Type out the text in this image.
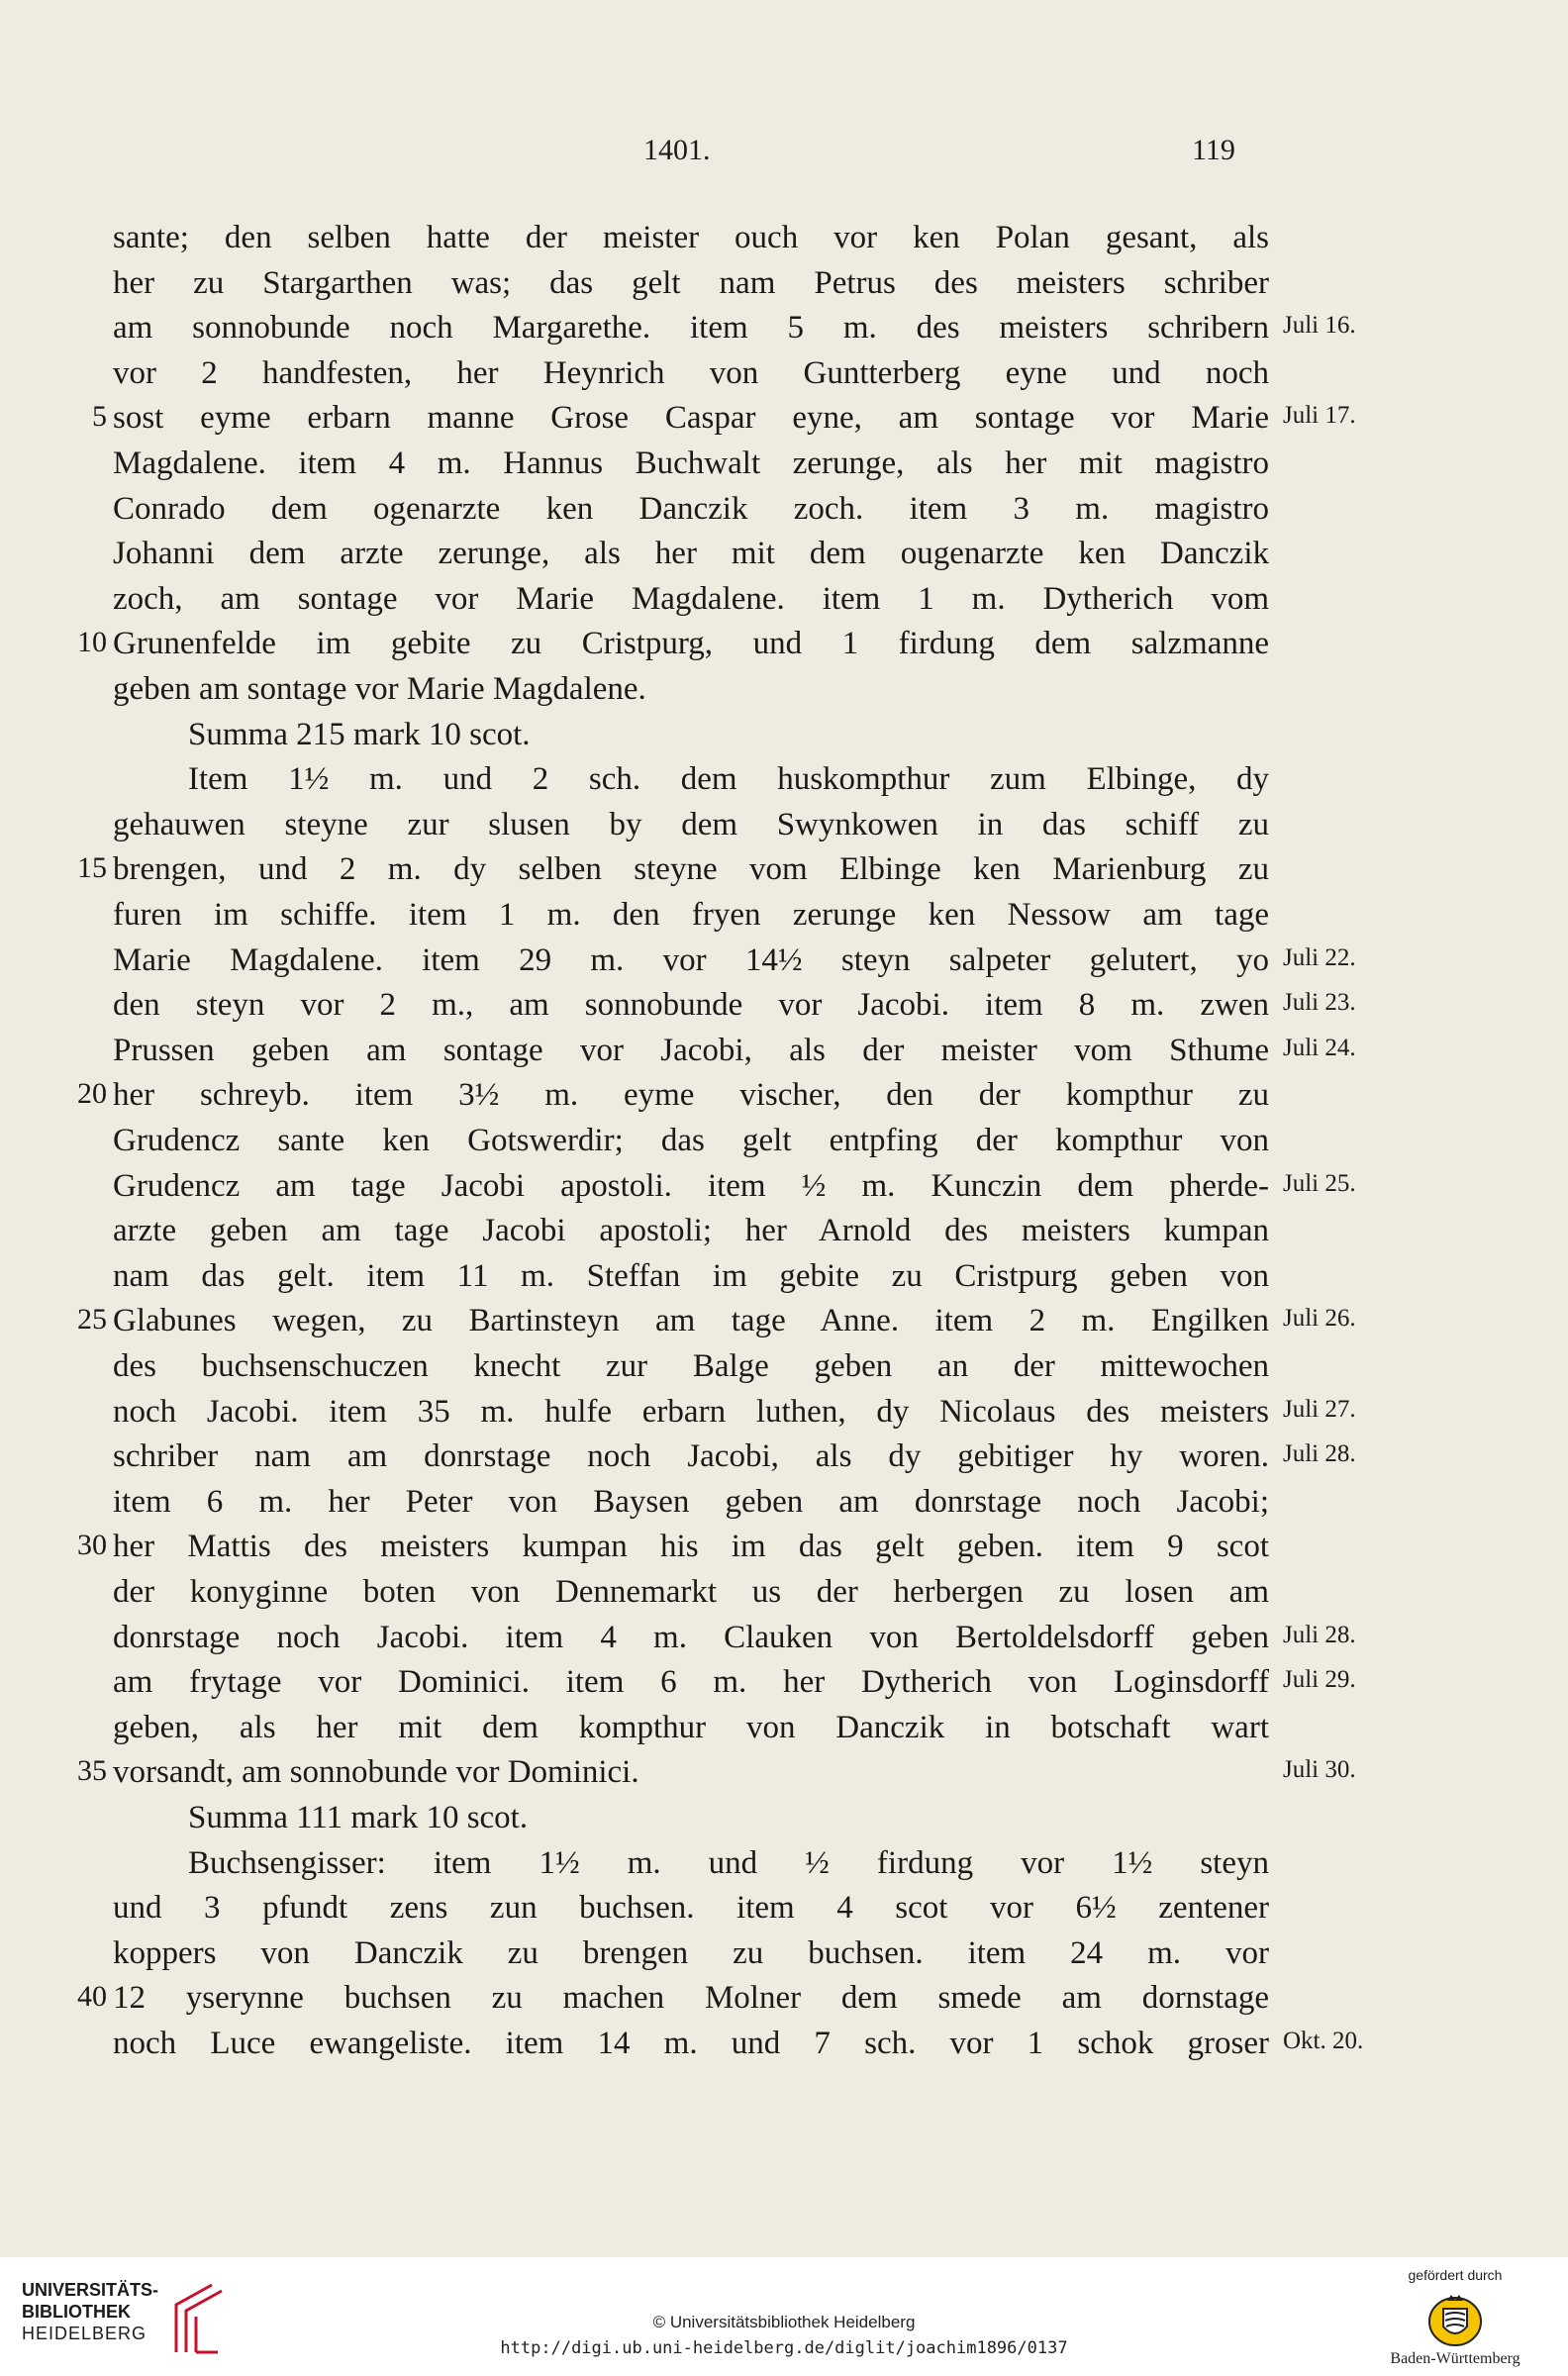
1401.	119
sante; den selben hatte der meister ouch vor ken Polan gesant, als
her zu Stargarthen was; das gelt nam Petrus des meisters schriber
am sonnobunde noch Margarethe. item 5 m. des meisters schribern Juli 16.
vor 2 handfesten, her Heynrich von Guntterberg eyne und noch
5 sost eyme erbarn manne Grose Caspar eyne, am sontage vor Marie Juli 17.
Magdalene. item 4 m. Hannus Buchwalt zerunge, als her mit magistro
Conrado dem ogenarzte ken Danczik zoch. item 3 m. magistro
Johanni dem arzte zerunge, als her mit dem ougenarzte ken Danczik
zoch, am sontage vor Marie Magdalene. item 1 m. Dytherich vom
10 Grunenfelde im gebite zu Cristpurg, und 1 firdung dem salzmanne
geben am sontage vor Marie Magdalene.
Summa 215 mark 10 scot.
Item 1½ m. und 2 sch. dem huskompthur zum Elbinge, dy
gehauwen steyne zur slusen by dem Swynkowen in das schiff zu
15 brengen, und 2 m. dy selben steyne vom Elbinge ken Marienburg zu
furen im schiffe. item 1 m. den fryen zerunge ken Nessow am tage
Marie Magdalene. item 29 m. vor 14½ steyn salpeter gelutert, yo Juli 22.
den steyn vor 2 m., am sonnobunde vor Jacobi. item 8 m. zwen Juli 23.
Prussen geben am sontage vor Jacobi, als der meister vom Sthume Juli 24.
20 her schreyb. item 3½ m. eyme vischer, den der kompthur zu
Grudencz sante ken Gotswerdir; das gelt entpfing der kompthur von
Grudencz am tage Jacobi apostoli. item ½ m. Kunczin dem pherde- Juli 25.
arzte geben am tage Jacobi apostoli; her Arnold des meisters kumpan
nam das gelt. item 11 m. Steffan im gebite zu Cristpurg geben von
25 Glabunes wegen, zu Bartinsteyn am tage Anne. item 2 m. Engilken Juli 26.
des buchsenschuczen knecht zur Balge geben an der mittewochen
noch Jacobi. item 35 m. hulfe erbarn luthen, dy Nicolaus des meisters Juli 27.
schriber nam am donrstage noch Jacobi, als dy gebitiger hy woren. Juli 28.
item 6 m. her Peter von Baysen geben am donrstage noch Jacobi;
30 her Mattis des meisters kumpan his im das gelt geben. item 9 scot
der konyginne boten von Dennemarkt us der herbergen zu losen am
donrstage noch Jacobi. item 4 m. Clauken von Bertoldelsdorff geben Juli 28.
am frytage vor Dominici. item 6 m. her Dytherich von Loginsdorff Juli 29.
geben, als her mit dem kompthur von Danczik in botschaft wart
35 vorsandt, am sonnobunde vor Dominici.	Juli 30.
Summa 111 mark 10 scot.
Buchsengisser: item 1½ m. und ½ firdung vor 1½ steyn
und 3 pfundt zens zun buchsen. item 4 scot vor 6½ zentener
koppers von Danczik zu brengen zu buchsen. item 24 m. vor
40 12 yserynne buchsen zu machen Molner dem smede am dornstage
noch Luce ewangeliste. item 14 m. und 7 sch. vor 1 schok groser Okt. 20.
UNIVERSITÄTS-
BIBLIOTHEK
HEIDELBERG
© Universitätsbibliothek Heidelberg
http://digi.ub.uni-heidelberg.de/diglit/joachim1896/0137
gefördert durch
Baden-Württemberg
